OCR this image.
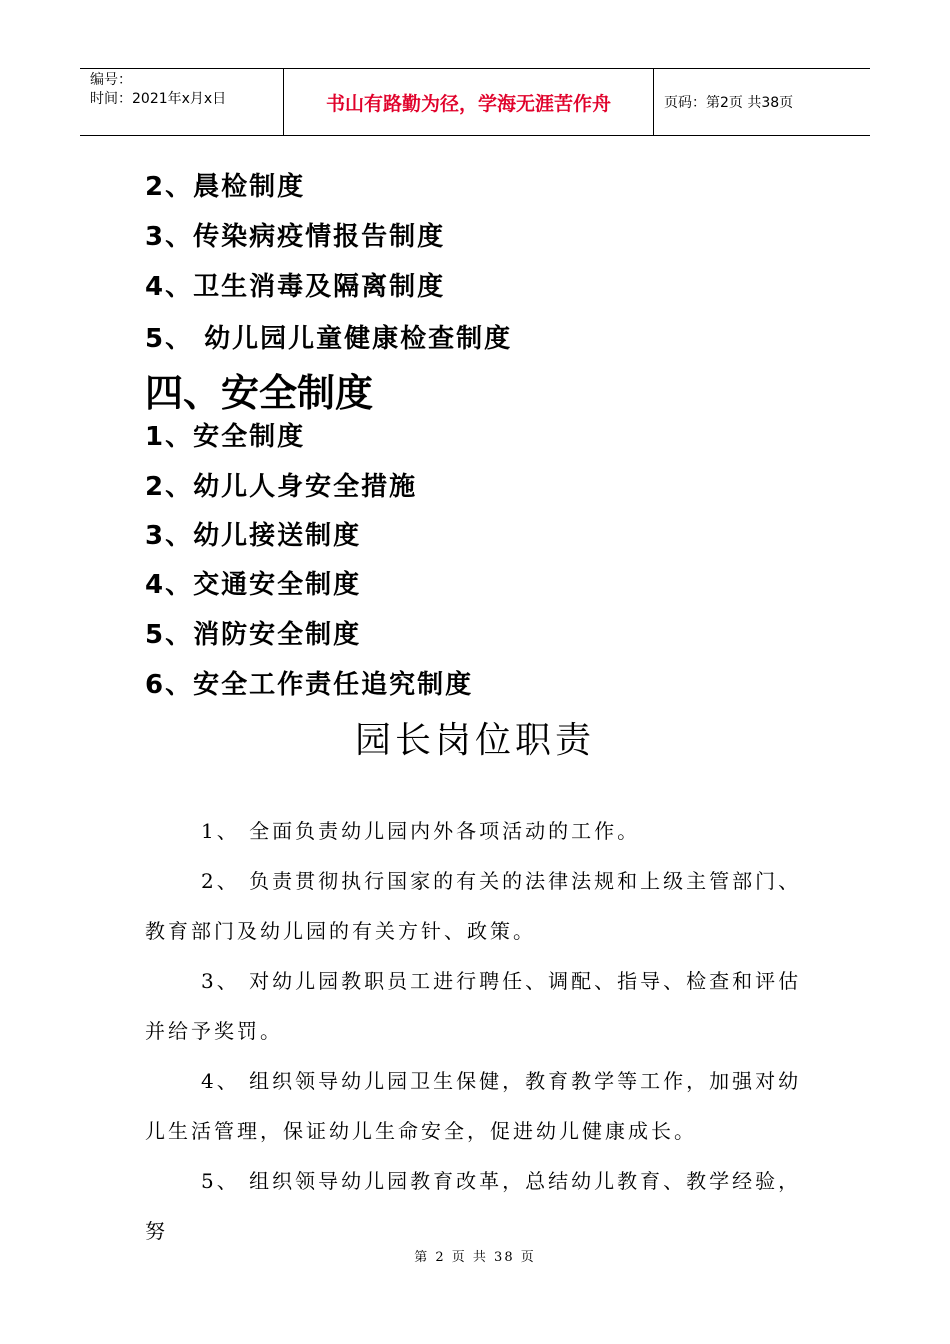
编号：
时间：2021年x月x日	书山有路勤为径，学海无涯苦作舟	页码：第2页 共38页
2、晨检制度
3、传染病疫情报告制度
4、卫生消毒及隔离制度
5、 幼儿园儿童健康检查制度
四、安全制度
1、安全制度
2、幼儿人身安全措施
3、幼儿接送制度
4、交通安全制度
5、消防安全制度
6、安全工作责任追究制度
园长岗位职责

1、 全面负责幼儿园内外各项活动的工作。

2、 负责贯彻执行国家的有关的法律法规和上级主管部门、教育部门及幼儿园的有关方针、政策。

3、 对幼儿园教职员工进行聘任、调配、指导、检查和评估并给予奖罚。

4、 组织领导幼儿园卫生保健，教育教学等工作，加强对幼儿生活管理，保证幼儿生命安全，促进幼儿健康成长。

5、 组织领导幼儿园教育改革，总结幼儿教育、教学经验，努

第 2 页 共 38 页
